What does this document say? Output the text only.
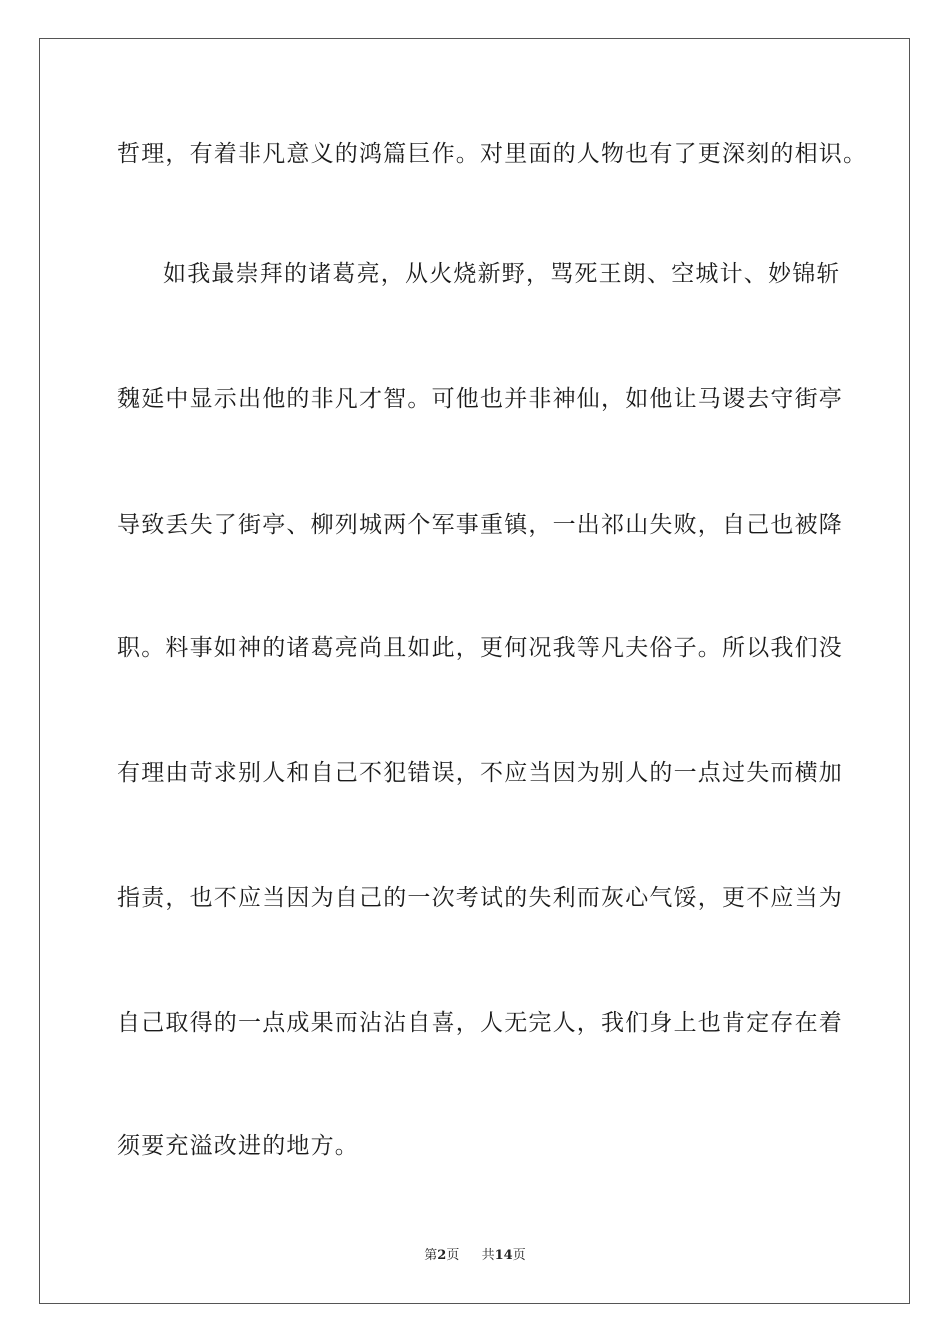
哲理，有着非凡意义的鸿篇巨作。对里面的人物也有了更深刻的相识。

如我最崇拜的诸葛亮，从火烧新野，骂死王朗、空城计、妙锦斩

魏延中显示出他的非凡才智。可他也并非神仙，如他让马谡去守街亭

导致丢失了街亭、柳列城两个军事重镇，一出祁山失败，自己也被降

职。料事如神的诸葛亮尚且如此，更何况我等凡夫俗子。所以我们没

有理由苛求别人和自己不犯错误，不应当因为别人的一点过失而横加

指责，也不应当因为自己的一次考试的失利而灰心气馁，更不应当为

自己取得的一点成果而沾沾自喜，人无完人，我们身上也肯定存在着

须要充溢改进的地方。

第2页 共14页
